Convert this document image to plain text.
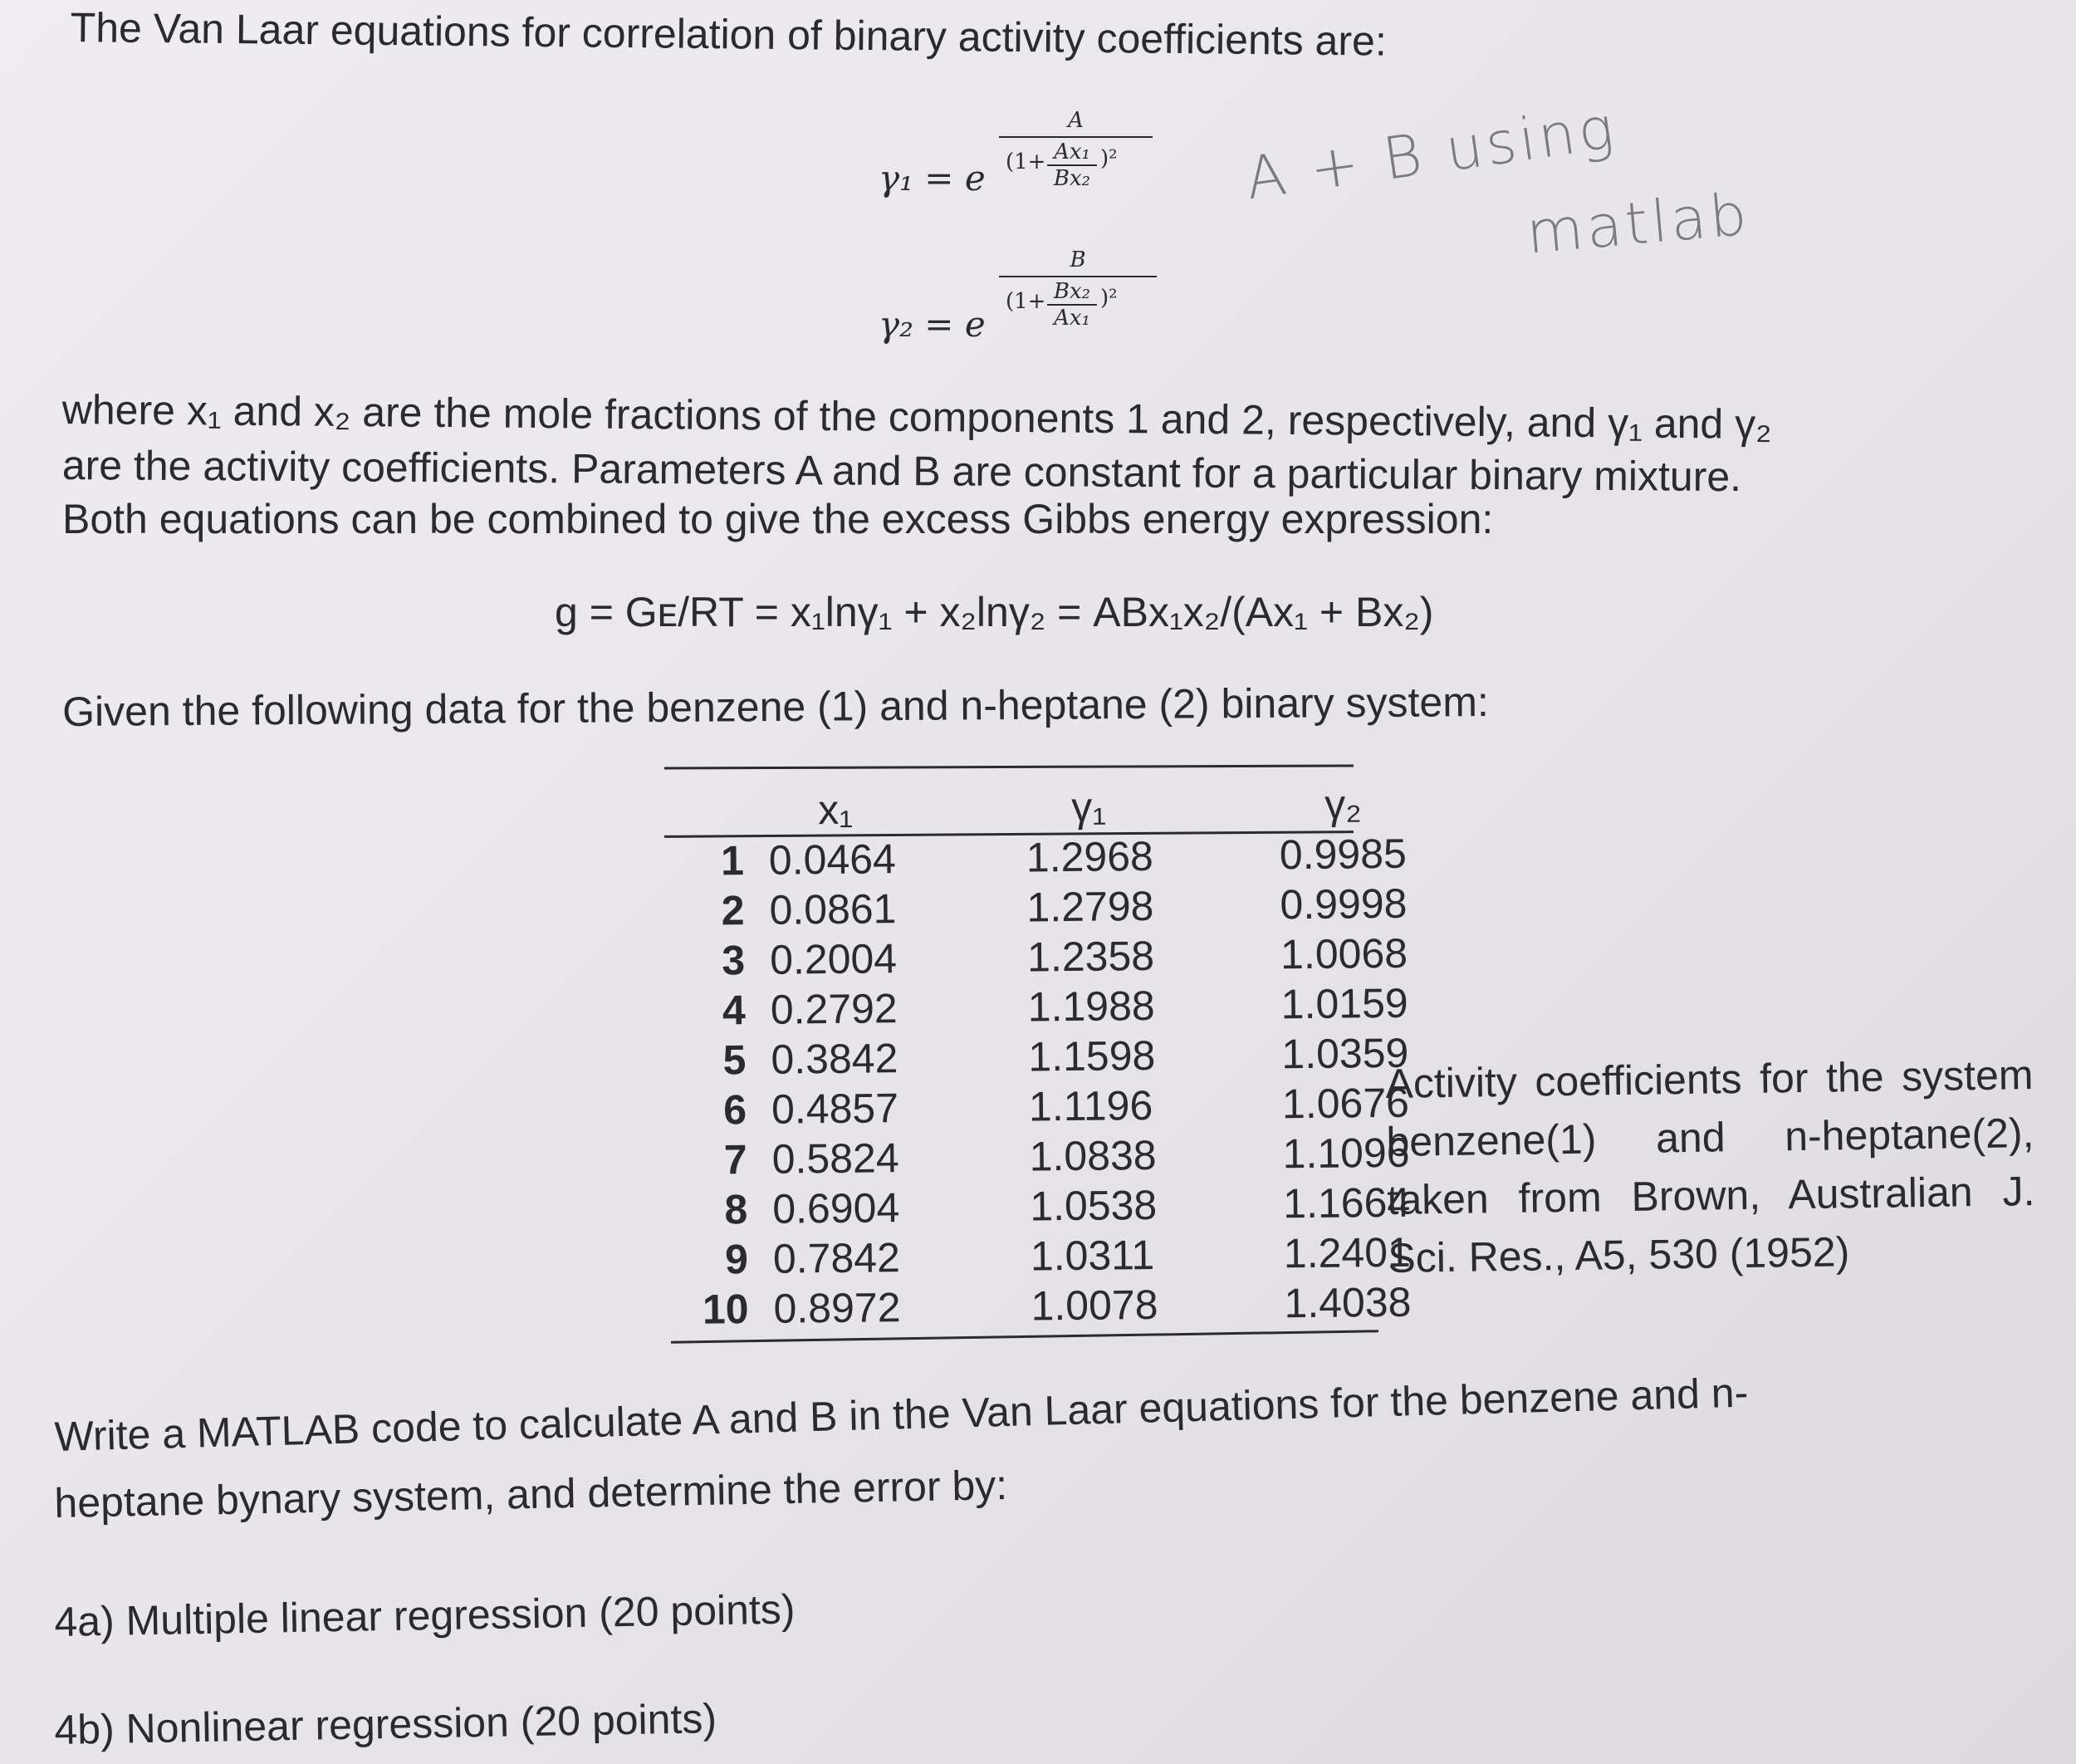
The Van Laar equations for correlation of binary activity coefficients are:
γ₁ = e
A
(1+ Ax₁
Bx₂
)²
γ₂ = e
B
(1+ Bx₂
Ax₁
)²
A + B using
matlab
where x₁ and x₂ are the mole fractions of the components 1 and 2, respectively, and γ₁ and γ₂
are the activity coefficients. Parameters A and B are constant for a particular binary mixture.
Both equations can be combined to give the excess Gibbs energy expression:
g = Gᴇ/RT = x₁lnγ₁ + x₂lnγ₂ = ABx₁x₂/(Ax₁ + Bx₂)
Given the following data for the benzene (1) and n-heptane (2) binary system:
	x₁	γ₁	γ₂
1	0.0464	1.2968	0.9985
2	0.0861	1.2798	0.9998
3	0.2004	1.2358	1.0068
4	0.2792	1.1988	1.0159
5	0.3842	1.1598	1.0359
6	0.4857	1.1196	1.0676
7	0.5824	1.0838	1.1096
8	0.6904	1.0538	1.1664
9	0.7842	1.0311	1.2401
10	0.8972	1.0078	1.4038
Activity coefficients for the system benzene(1) and n-heptane(2), taken from Brown, Australian J. Sci. Res., A5, 530 (1952)
Write a MATLAB code to calculate A and B in the Van Laar equations for the benzene and n-
heptane bynary system, and determine the error by:
4a) Multiple linear regression (20 points)
4b) Nonlinear regression (20 points)
